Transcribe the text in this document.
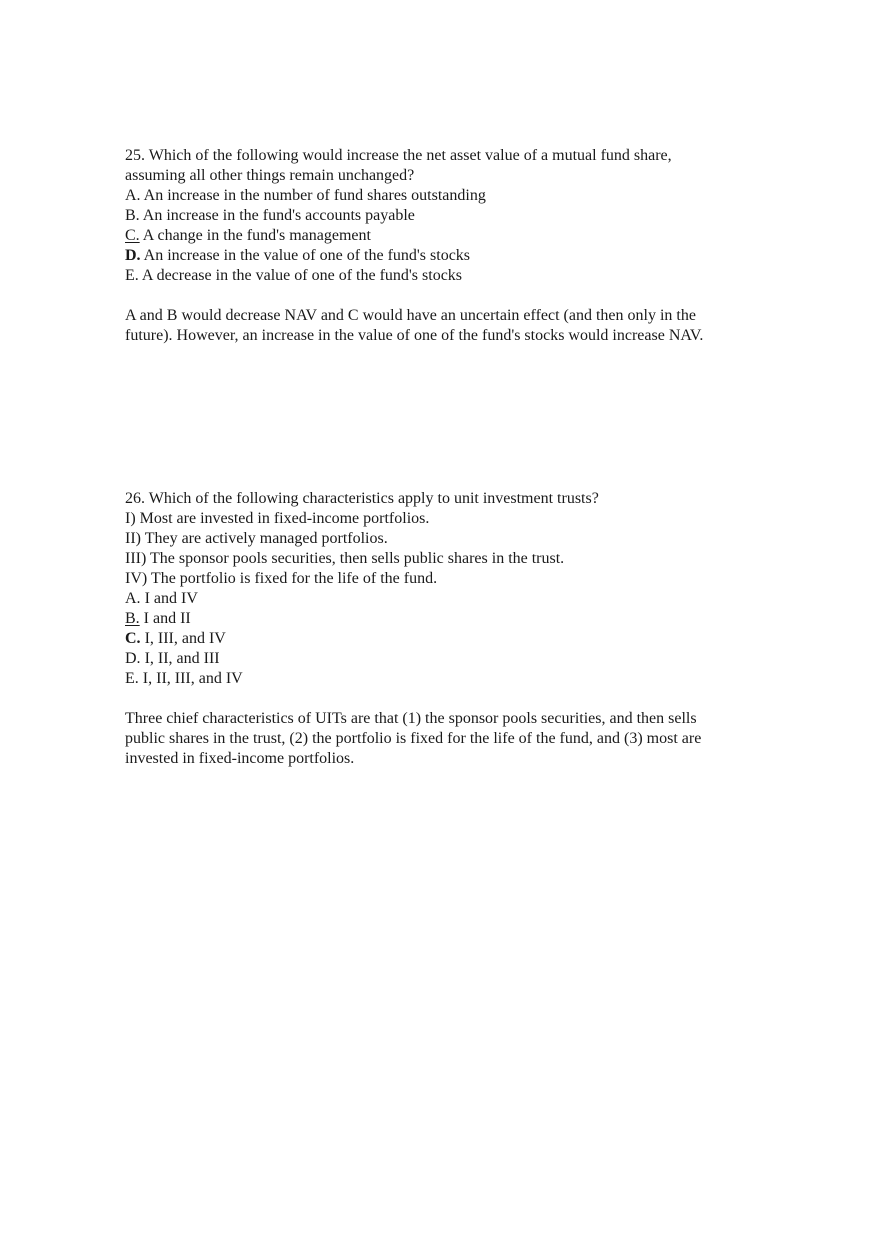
25. Which of the following would increase the net asset value of a mutual fund share,
assuming all other things remain unchanged?
A. An increase in the number of fund shares outstanding
B. An increase in the fund's accounts payable
C. A change in the fund's management
D. An increase in the value of one of the fund's stocks
E. A decrease in the value of one of the fund's stocks
A and B would decrease NAV and C would have an uncertain effect (and then only in the
future). However, an increase in the value of one of the fund's stocks would increase NAV.
26. Which of the following characteristics apply to unit investment trusts?
I) Most are invested in fixed-income portfolios.
II) They are actively managed portfolios.
III) The sponsor pools securities, then sells public shares in the trust.
IV) The portfolio is fixed for the life of the fund.
A. I and IV
B. I and II
C. I, III, and IV
D. I, II, and III
E. I, II, III, and IV
Three chief characteristics of UITs are that (1) the sponsor pools securities, and then sells
public shares in the trust, (2) the portfolio is fixed for the life of the fund, and (3) most are
invested in fixed-income portfolios.
